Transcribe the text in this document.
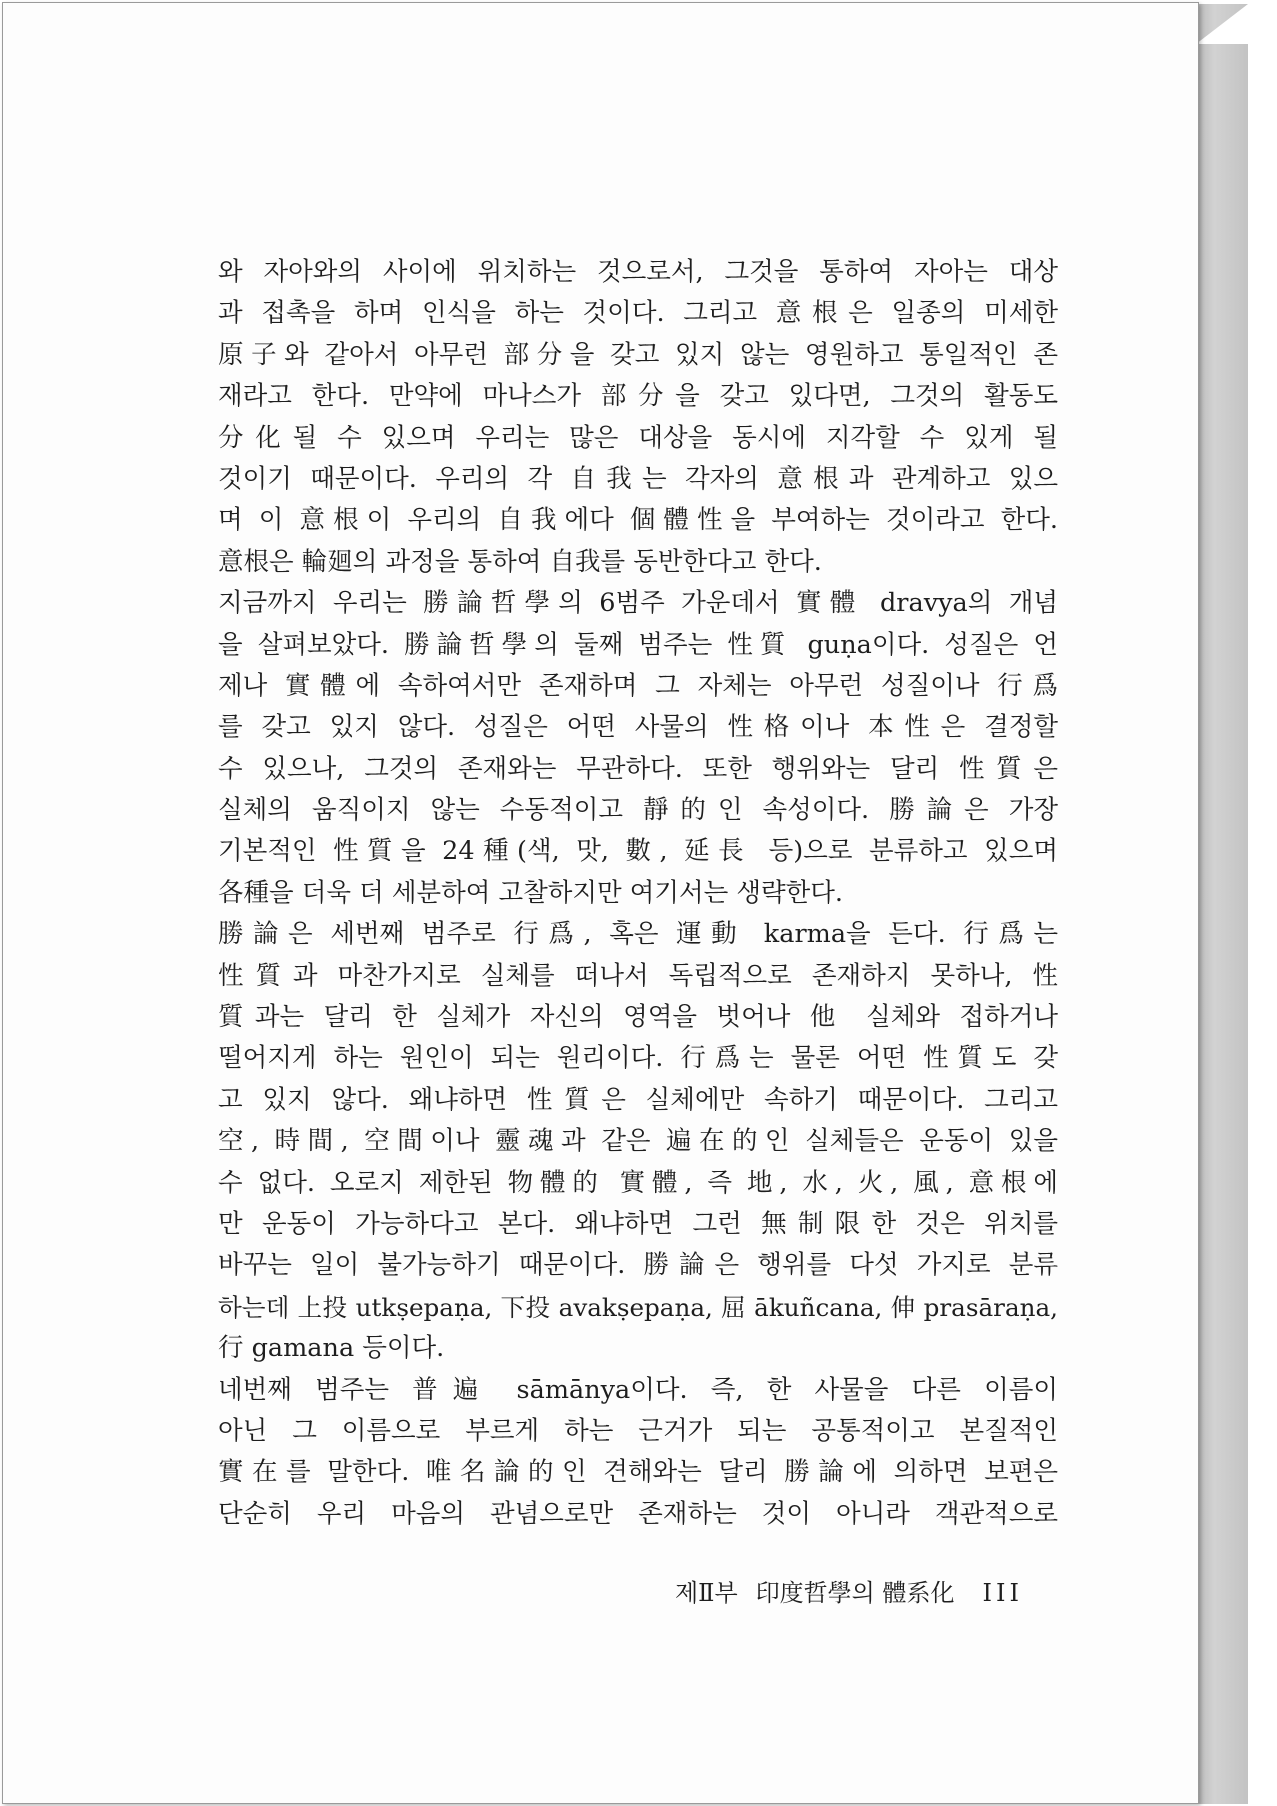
와 자아와의 사이에 위치하는 것으로서, 그것을 통하여 자아는 대상
과 접촉을 하며 인식을 하는 것이다. 그리고 意根은 일종의 미세한
原子와 같아서 아무런 部分을 갖고 있지 않는 영원하고 통일적인 존
재라고 한다. 만약에 마나스가 部分을 갖고 있다면, 그것의 활동도
分化될 수 있으며 우리는 많은 대상을 동시에 지각할 수 있게 될
것이기 때문이다. 우리의 각 自我는 각자의 意根과 관계하고 있으
며 이 意根이 우리의 自我에다 個體性을 부여하는 것이라고 한다.
意根은 輪廻의 과정을 통하여 自我를 동반한다고 한다.
지금까지 우리는 勝論哲學의 6범주 가운데서 實體 dravya의 개념
을 살펴보았다. 勝論哲學의 둘째 범주는 性質 guṇa이다. 성질은 언
제나 實體에 속하여서만 존재하며 그 자체는 아무런 성질이나 行爲
를 갖고 있지 않다. 성질은 어떤 사물의 性格이나 本性은 결정할
수 있으나, 그것의 존재와는 무관하다. 또한 행위와는 달리 性質은
실체의 움직이지 않는 수동적이고 靜的인 속성이다. 勝論은 가장
기본적인 性質을 24種(색, 맛, 數, 延長 등)으로 분류하고 있으며
各種을 더욱 더 세분하여 고찰하지만 여기서는 생략한다.
勝論은 세번째 범주로 行爲, 혹은 運動 karma을 든다. 行爲는
性質과 마찬가지로 실체를 떠나서 독립적으로 존재하지 못하나, 性
質과는 달리 한 실체가 자신의 영역을 벗어나 他 실체와 접하거나
떨어지게 하는 원인이 되는 원리이다. 行爲는 물론 어떤 性質도 갖
고 있지 않다. 왜냐하면 性質은 실체에만 속하기 때문이다. 그리고
空, 時間, 空間이나 靈魂과 같은 遍在的인 실체들은 운동이 있을
수 없다. 오로지 제한된 物體的 實體, 즉 地, 水, 火, 風, 意根에
만 운동이 가능하다고 본다. 왜냐하면 그런 無制限한 것은 위치를
바꾸는 일이 불가능하기 때문이다. 勝論은 행위를 다섯 가지로 분류
하는데 上投 utkṣepaṇa, 下投 avakṣepaṇa, 屈 ākuñcana, 伸 prasāraṇa,
行 gamana 등이다.
네번째 범주는 普遍 sāmānya이다. 즉, 한 사물을 다른 이름이
아닌 그 이름으로 부르게 하는 근거가 되는 공통적이고 본질적인
實在를 말한다. 唯名論的인 견해와는 달리 勝論에 의하면 보편은
단순히 우리 마음의 관념으로만 존재하는 것이 아니라 객관적으로
제Ⅱ부 印度哲學의 體系化 III
